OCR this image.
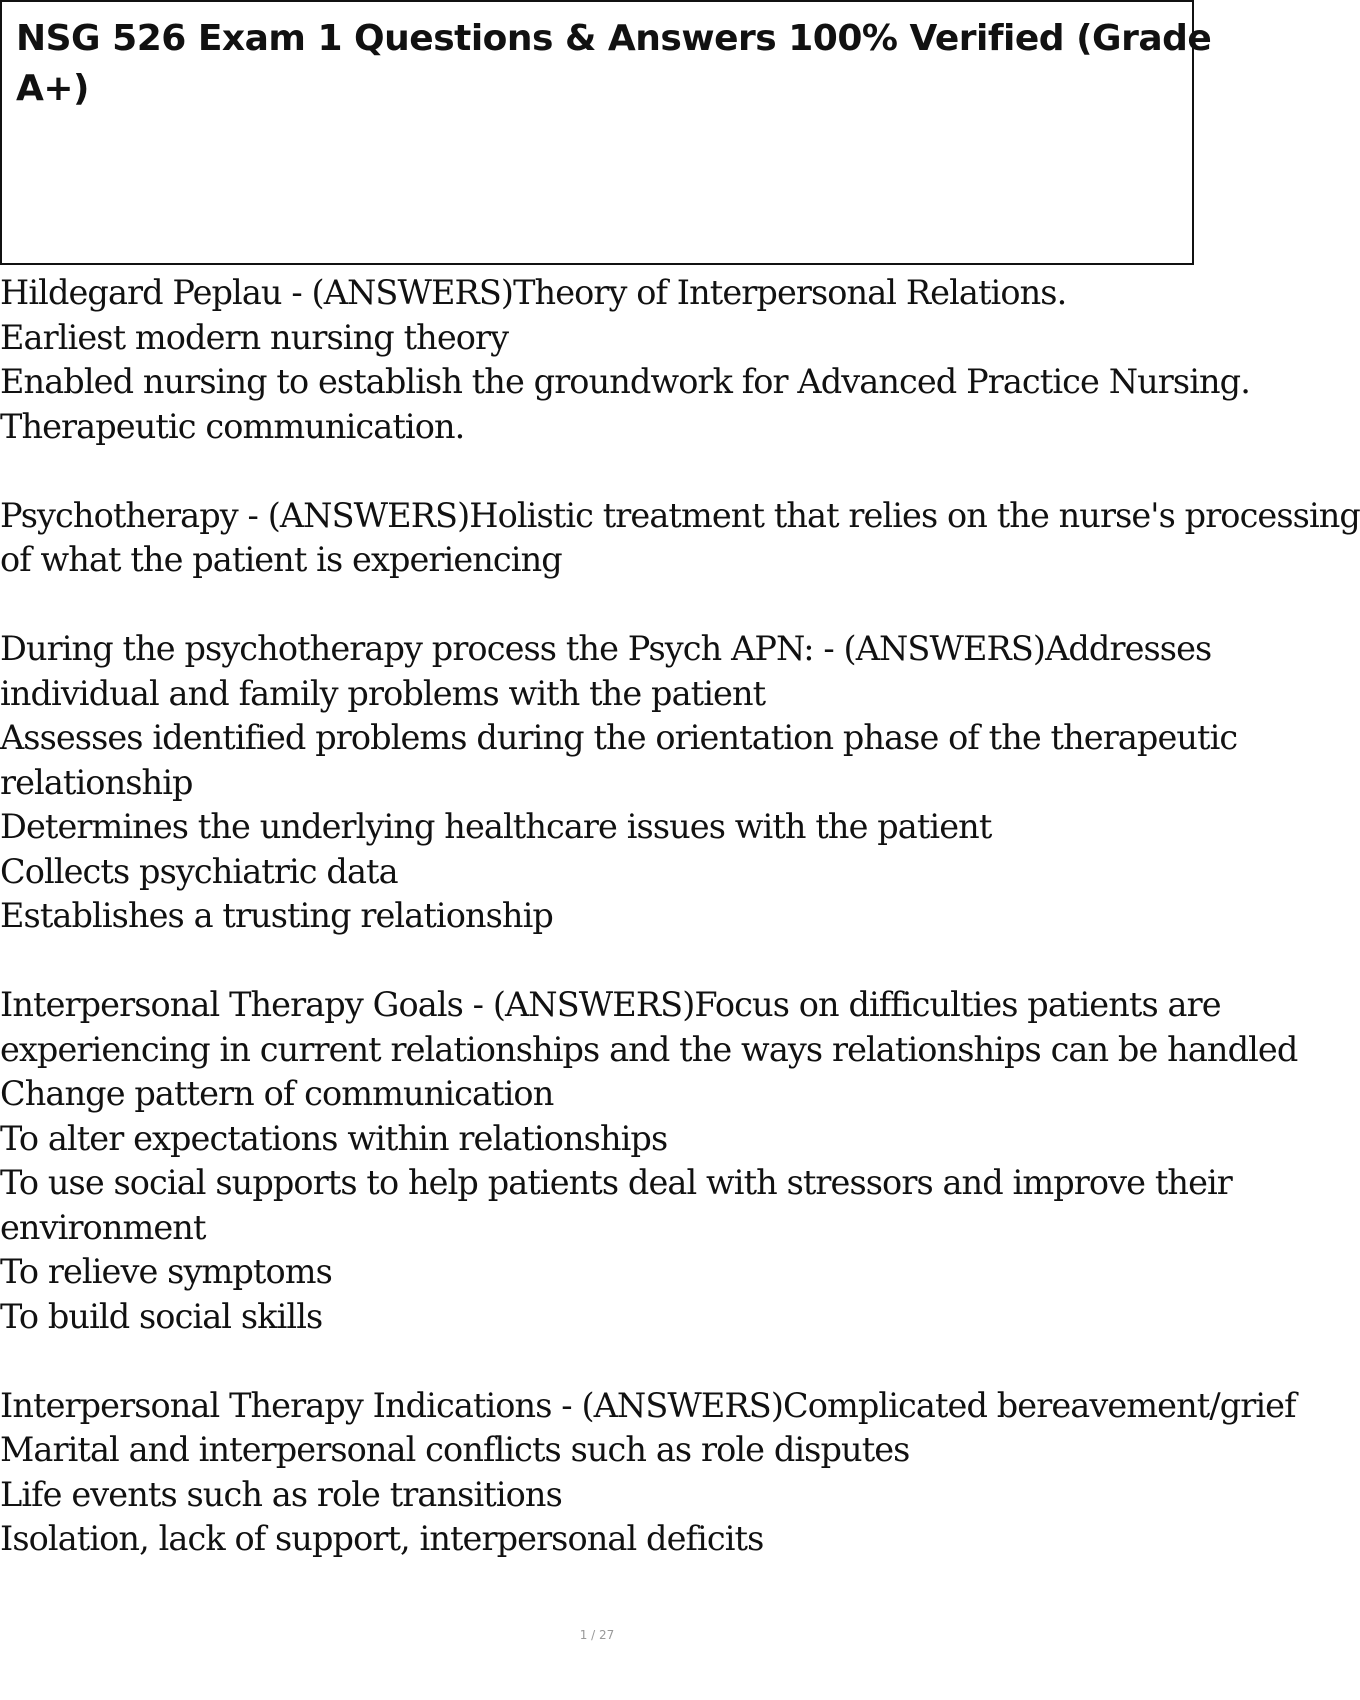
NSG 526 Exam 1 Questions & Answers 100% Verified (Grade
A+)
Hildegard Peplau - (ANSWERS)Theory of Interpersonal Relations.
Earliest modern nursing theory
Enabled nursing to establish the groundwork for Advanced Practice Nursing.
Therapeutic communication.
Psychotherapy - (ANSWERS)Holistic treatment that relies on the nurse's processing
of what the patient is experiencing
During the psychotherapy process the Psych APN: - (ANSWERS)Addresses
individual and family problems with the patient
Assesses identified problems during the orientation phase of the therapeutic
relationship
Determines the underlying healthcare issues with the patient
Collects psychiatric data
Establishes a trusting relationship
Interpersonal Therapy Goals - (ANSWERS)Focus on difficulties patients are
experiencing in current relationships and the ways relationships can be handled
Change pattern of communication
To alter expectations within relationships
To use social supports to help patients deal with stressors and improve their
environment
To relieve symptoms
To build social skills
Interpersonal Therapy Indications - (ANSWERS)Complicated bereavement/grief
Marital and interpersonal conflicts such as role disputes
Life events such as role transitions
Isolation, lack of support, interpersonal deficits
1 / 27
